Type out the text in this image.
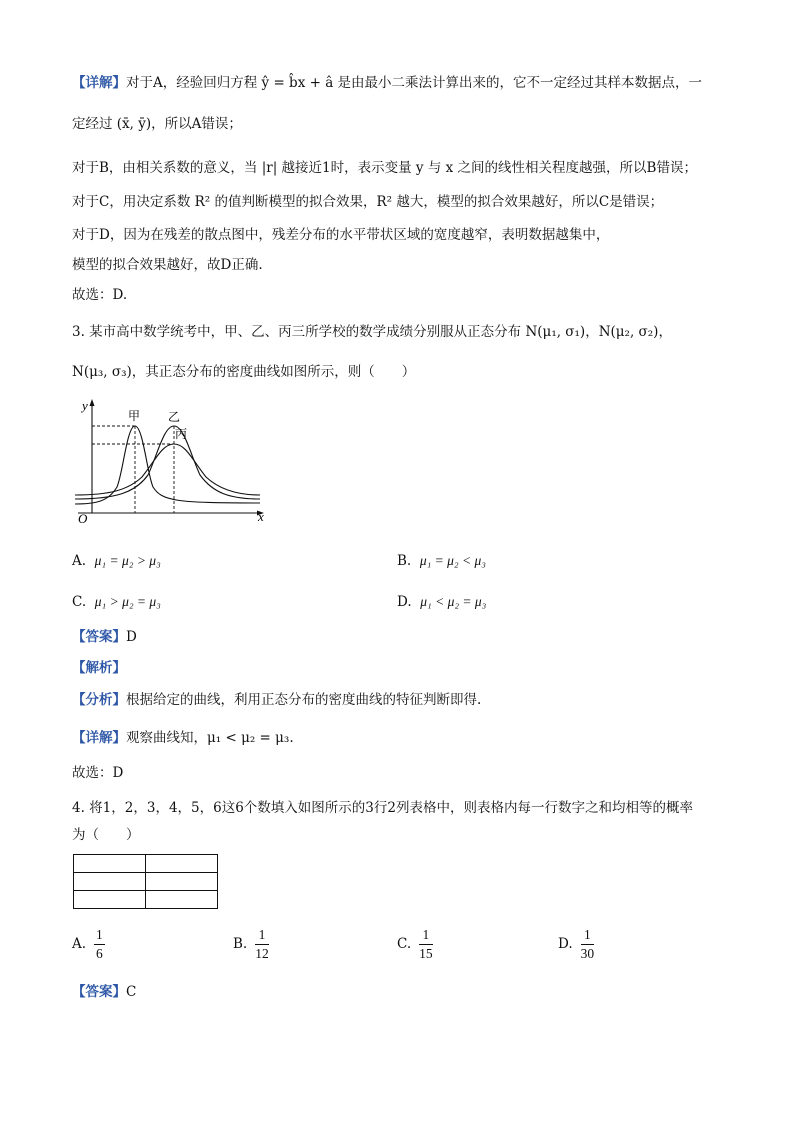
【详解】对于A，经验回归方程 ŷ = b̂x + â 是由最小二乘法计算出来的，它不一定经过其样本数据点，一
定经过 (x̄, ȳ)，所以A错误；
对于B，由相关系数的意义，当 |r| 越接近1时，表示变量 y 与 x 之间的线性相关程度越强，所以B错误；
对于C，用决定系数 R² 的值判断模型的拟合效果，R² 越大，模型的拟合效果越好，所以C是错误；
对于D，因为在残差的散点图中，残差分布的水平带状区域的宽度越窄，表明数据越集中，
模型的拟合效果越好，故D正确.
故选：D.
3. 某市高中数学统考中，甲、乙、丙三所学校的数学成绩分别服从正态分布 N(μ₁, σ₁)，N(μ₂, σ₂)，
N(μ₃, σ₃)，其正态分布的密度曲线如图所示，则（　　）
y
x
O
甲 乙
丙
A. μ₁ = μ₂ > μ₃	B. μ₁ = μ₂ < μ₃
C. μ₁ > μ₂ = μ₃	D. μ₁ < μ₂ = μ₃
【答案】D
【解析】
【分析】根据给定的曲线，利用正态分布的密度曲线的特征判断即得.
【详解】观察曲线知，μ₁ < μ₂ = μ₃.
故选：D
4. 将1，2，3，4，5，6这6个数填入如图所示的3行2列表格中，则表格内每一行数字之和均相等的概率
为（　　）

A. $\frac{1}{6}$	B. $\frac{1}{12}$	C. $\frac{1}{15}$	D. $\frac{1}{30}$
【答案】C
